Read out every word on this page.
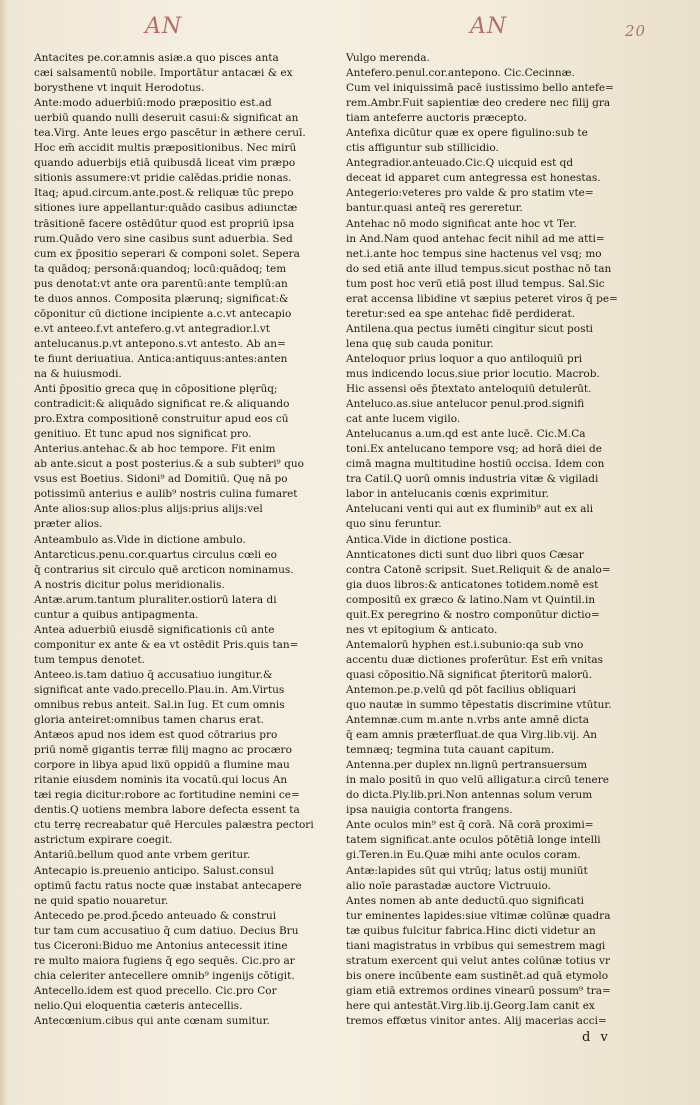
AN	AN	20
Antacites pe.cor.amnis asiæ.a quo pisces anta
cæi salsamentū nobile. Importātur antacæi & ex
borysthene vt inquit Herodotus.
Ante:modo aduerbiū:modo præpositio est.ad
uerbiū quando nulli deseruit casui:& significat an
tea.Virg. Ante leues ergo pascētur in æthere ceruī.
Hoc em̄ accidit multis præpositionibus. Nec mirū
quando aduerbijs etiā quibusdā liceat vim præpo
sitionis assumere:vt pridie calēdas.pridie nonas.
Itaq; apud.circum.ante.post.& reliquæ tūc prepo
sitiones iure appellantur:quādo casibus adiunctæ
trāsitionē facere ostēdūtur quod est propriū ipsa
rum.Quādo vero sine casibus sunt aduerbia. Sed
cum ex p̄positio seperari & componi solet. Sepera
ta quādoq; personā:quandoq; locū:quādoq; tem
pus denotat:vt ante ora parentū:ante templū:an
te duos annos. Composita plærunq; significat:&
cōponitur cū dictione incipiente a.c.vt antecapio
e.vt anteeo.f.vt antefero.g.vt antegradior.l.vt
antelucanus.p.vt antepono.s.vt antesto. Ab an=
te fiunt deriuatiua. Antica:antiquus:antes:anten
na & huiusmodi.
Anti p̄positio greca quę in cōpositione plęrūq;
contradicit:& aliquādo significat re.& aliquando
pro.Extra compositionē construitur apud eos cū
genitiuo. Et tunc apud nos significat pro.
Anterius.antehac.& ab hoc tempore. Fit enim
ab ante.sicut a post posterius.& a sub subteri⁹ quo
vsus est Boetius. Sidoni⁹ ad Domitiū. Quę nā po
potissimū anterius e aulib⁹ nostris culina fumaret
Ante alios:sup alios:plus alijs:prius alijs:vel
præter alios.
Anteambulo as.Vide in dictione ambulo.
Antarcticus.penu.cor.quartus circulus cœli eo
q̄ contrarius sit circulo quē arcticon nominamus.
A nostris dicitur polus meridionalis.
Antæ.arum.tantum pluraliter.ostiorū latera di
cuntur a quibus antipagmenta.
Antea aduerbiū eiusdē significationis cū ante
componitur ex ante & ea vt ostēdit Pris.quis tan=
tum tempus denotet.
Anteeo.is.tam datiuo q̄ accusatiuo iungitur.&
significat ante vado.precello.Plau.in. Am.Virtus
omnibus rebus anteit. Sal.in Iug. Et cum omnis
gloria anteiret:omnibus tamen charus erat.
Antæos apud nos idem est quod cōtrarius pro
priū nomē gigantis terræ filij magno ac procæro
corpore in libya apud lixū oppidū a flumine mau
ritanie eiusdem nominis ita vocatū.qui locus An
tæi regia dicitur:robore ac fortitudine nemini ce=
dentis.Q uotiens membra labore defecta essent ta
ctu terrę recreabatur quē Hercules palæstra pectori
astrictum expirare coegit.
Antariū.bellum quod ante vrbem geritur.
Antecapio is.preuenio anticipo. Salust.consul
optimū factu ratus nocte quæ instabat antecapere
ne quid spatio nouaretur.
Antecedo pe.prod.p̄cedo anteuado & construi
tur tam cum accusatiuo q̄ cum datiuo. Decius Bru
tus Ciceroni:Biduo me Antonius antecessit itine
re multo maiora fugiens q̄ ego sequēs. Cic.pro ar
chia celeriter antecellere omnib⁹ ingenijs cōtigit.
Antecello.idem est quod precello. Cic.pro Cor
nelio.Qui eloquentia cæteris antecellis.
Antecœnium.cibus qui ante cœnam sumitur.
Vulgo merenda.
Antefero.penul.cor.antepono. Cic.Cecinnæ.
Cum vel iniquissimā pacē iustissimo bello antefe=
rem.Ambr.Fuit sapientiæ deo credere nec filij gra
tiam anteferre auctoris præcepto.
Antefixa dicūtur quæ ex opere figulino:sub te
ctis affiguntur sub stillicidio.
Antegradior.anteuado.Cic.Q uicquid est qd
deceat id apparet cum antegressa est honestas.
Antegerio:veteres pro valde & pro statim vte=
bantur.quasi anteq̄ res gereretur.
Antehac nō modo significat ante hoc vt Ter.
in And.Nam quod antehac fecit nihil ad me atti=
net.i.ante hoc tempus sine hactenus vel vsq; mo
do sed etiā ante illud tempus.sicut posthac nō tan
tum post hoc verū etiā post illud tempus. Sal.Sic
erat accensa libidine vt sæpius peteret viros q̄ pe=
teretur:sed ea spe antehac fidē perdiderat.
Antilena.qua pectus iumēti cingitur sicut posti
lena quę sub cauda ponitur.
Anteloquor prius loquor a quo antiloquiū pri
mus indicendo locus.siue prior locutio. Macrob.
Hic assensi oēs p̄textato anteloquiū detulerūt.
Anteluco.as.siue antelucor penul.prod.signifi
cat ante lucem vigilo.
Antelucanus a.um.qd est ante lucē. Cic.M.Ca
toni.Ex antelucano tempore vsq; ad horā diei de
cimā magna multitudine hostiū occisa. Idem con
tra Catil.Q uorū omnis industria vitæ & vigiladi
labor in antelucanis cœnis exprimitur.
Antelucani venti qui aut ex fluminib⁹ aut ex ali
quo sinu feruntur.
Antica.Vide in dictione postica.
Annticatones dicti sunt duo libri quos Cæsar
contra Catonē scripsit. Suet.Reliquit & de analo=
gia duos libros:& anticatones totidem.nomē est
compositū ex græco & latino.Nam vt Quintil.in
quit.Ex peregrino & nostro componūtur dictio=
nes vt epitogium & anticato.
Antemalorū hyphen est.i.subunio:qa sub vno
accentu duæ dictiones proferūtur. Est em̄ vnitas
quasi cōpositio.Nā significat p̄teritorū malorū.
Antemon.pe.p.velū qd pōt facilius obliquari
quo nautæ in summo tēpestatis discrimine vtūtur.
Antemnæ.cum m.ante n.vrbs ante amnē dicta
q̄ eam amnis præterfluat.de qua Virg.lib.vij. An
temnæq; tegmina tuta cauant capitum.
Antenna.per duplex nn.lignū pertransuersum
in malo positū in quo velū alligatur.a circū tenere
do dicta.Ply.lib.pri.Non antennas solum verum
ipsa nauigia contorta frangens.
Ante oculos min⁹ est q̄ corā. Nā corā proximi=
tatem significat.ante oculos pōtētiā longe intelli
gi.Teren.in Eu.Quæ mihi ante oculos coram.
Antæ:lapides sūt qui vtrūq; latus ostij muniūt
alio noīe parastadæ auctore Victruuio.
Antes nomen ab ante deductū.quo significati
tur eminentes lapides:siue vltimæ colūnæ quadra
tæ quibus fulcitur fabrica.Hinc dicti videtur an
tiani magistratus in vrbibus qui semestrem magi
stratum exercent qui velut antes colūnæ totius vr
bis onere incūbente eam sustinēt.ad quā etymolo
giam etiā extremos ordines vinearū possum⁹ tra=
here qui antestāt.Virg.lib.ij.Georg.Iam canit ex
tremos effœtus vinitor antes. Alij macerias acci=
d v
